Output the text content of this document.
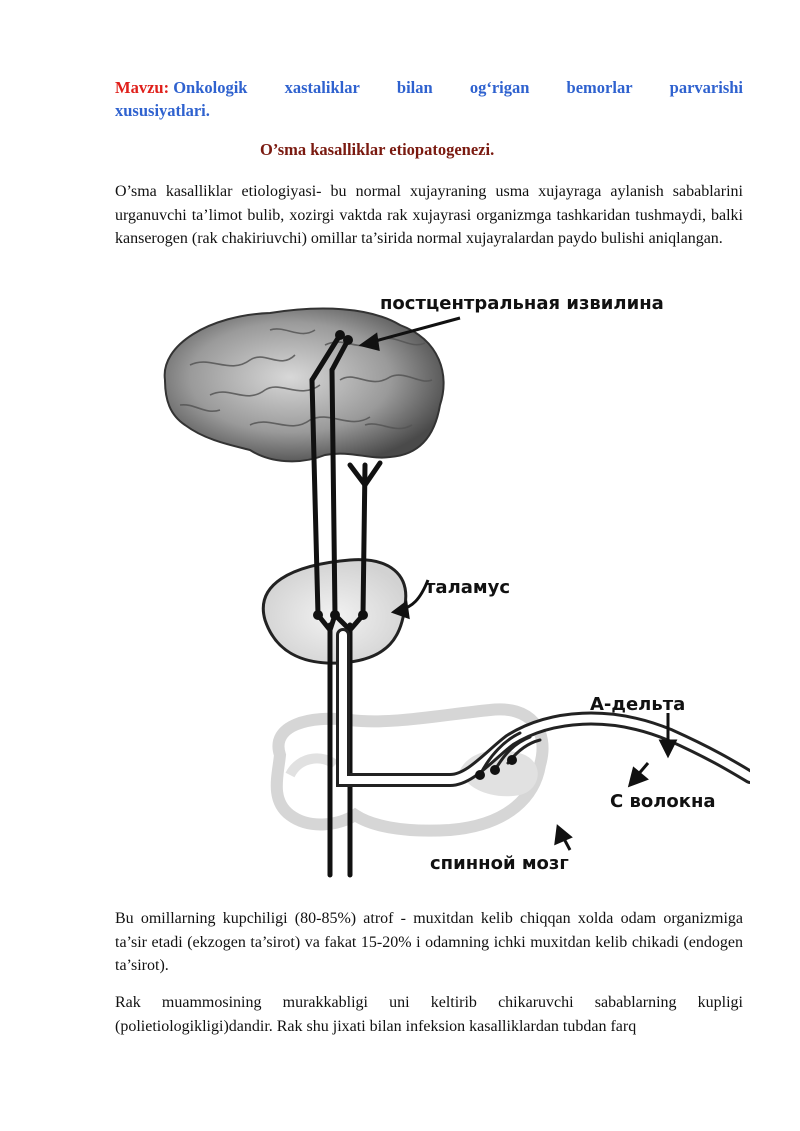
Mavzu: Onkologik xastaliklar bilan og‘rigan bemorlar parvarishi
xususiyatlari.
O’sma kasalliklar etiopatogenezi.

O’sma kasalliklar etiologiyasi- bu normal xujayraning usma xujayraga aylanish sabablarini urganuvchi ta’limot bulib, xozirgi vaktda rak xujayrasi organizmga tashkaridan tushmaydi, balki kanserogen (rak chakiriuvchi) omillar ta’sirida normal xujayralardan paydo bulishi aniqlangan.

постцентральная извилина
таламус
А-дельта
С волокна
спинной мозг

Bu omillarning kupchiligi (80-85%) atrof - muxitdan kelib chiqqan xolda odam organizmiga ta’sir etadi (ekzogen ta’sirot) va fakat 15-20% i odamning ichki muxitdan kelib chikadi (endogen ta’sirot).

Rak muammosining murakkabligi uni keltirib chikaruvchi sabablarning kupligi (polietiologikligi)dandir. Rak shu jixati bilan infeksion kasalliklardan tubdan farq
